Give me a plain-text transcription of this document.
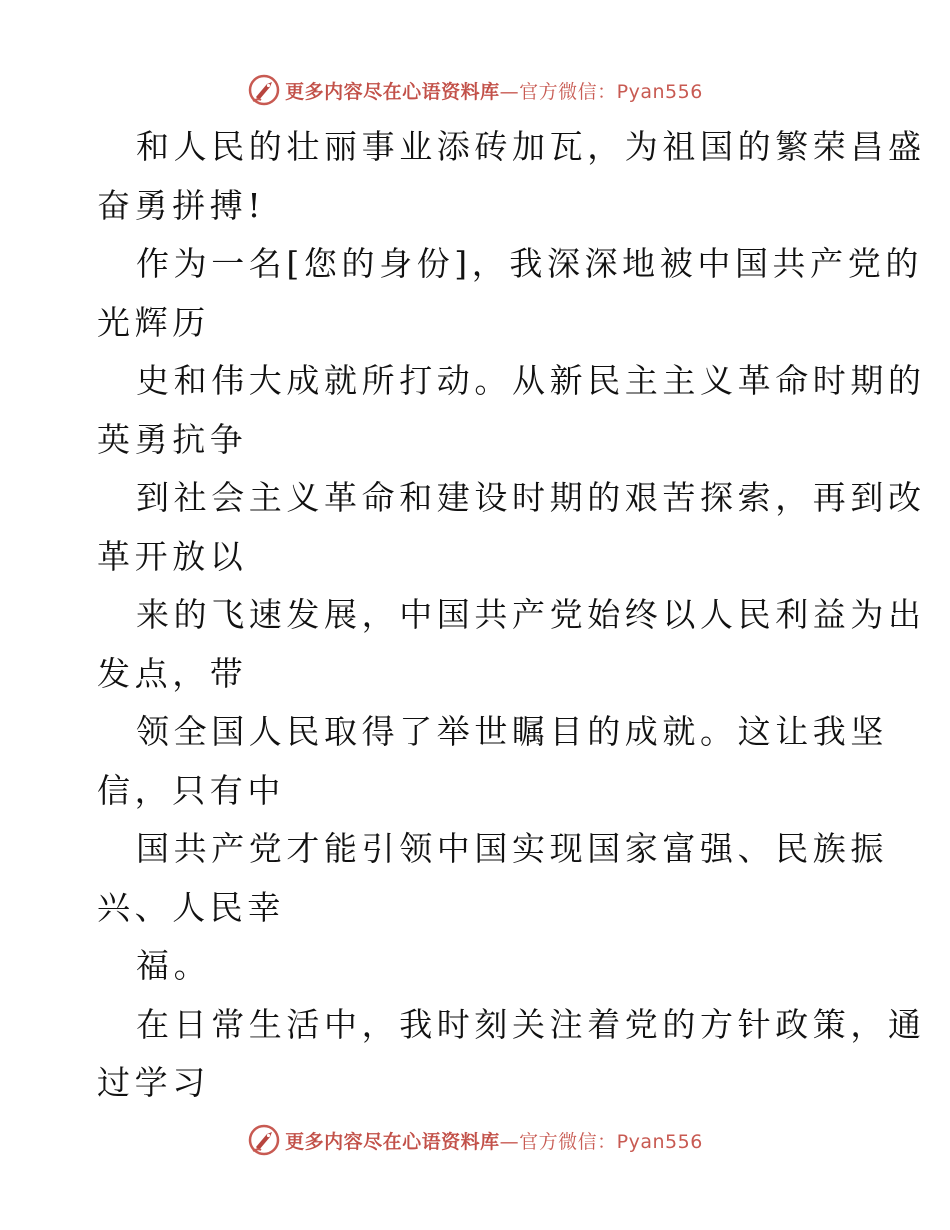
更多内容尽在心语资料库—官方微信：Pyan556
和人民的壮丽事业添砖加瓦，为祖国的繁荣昌盛
奋勇拼搏!
作为一名[您的身份]，我深深地被中国共产党的
光辉历
史和伟大成就所打动。从新民主主义革命时期的
英勇抗争
到社会主义革命和建设时期的艰苦探索，再到改
革开放以
来的飞速发展，中国共产党始终以人民利益为出
发点，带
领全国人民取得了举世瞩目的成就。这让我坚
信，只有中
国共产党才能引领中国实现国家富强、民族振
兴、人民幸
福。
在日常生活中，我时刻关注着党的方针政策，通
过学习
更多内容尽在心语资料库—官方微信：Pyan556
